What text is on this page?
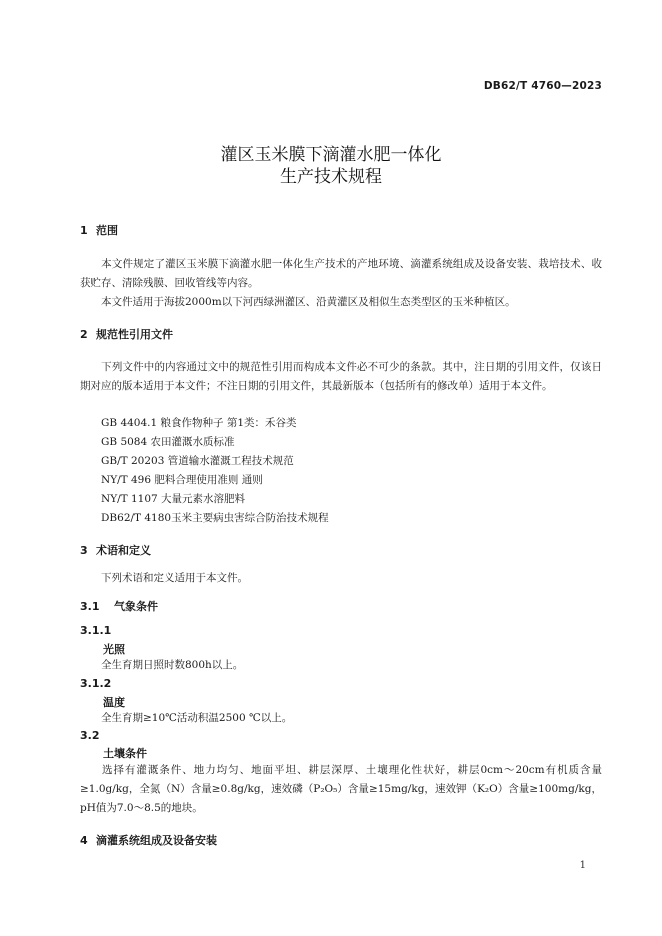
DB62/T 4760—2023
灌区玉米膜下滴灌水肥一体化
生产技术规程
1 范围
本文件规定了灌区玉米膜下滴灌水肥一体化生产技术的产地环境、滴灌系统组成及设备安装、栽培技术、收获贮存、清除残膜、回收管线等内容。
本文件适用于海拔2000m以下河西绿洲灌区、沿黄灌区及相似生态类型区的玉米种植区。
2 规范性引用文件
下列文件中的内容通过文中的规范性引用而构成本文件必不可少的条款。其中，注日期的引用文件，仅该日期对应的版本适用于本文件；不注日期的引用文件，其最新版本（包括所有的修改单）适用于本文件。
GB 4404.1 粮食作物种子 第1类：禾谷类
GB 5084 农田灌溉水质标准
GB/T 20203 管道输水灌溉工程技术规范
NY/T 496 肥料合理使用准则 通则
NY/T 1107 大量元素水溶肥料
DB62/T 4180玉米主要病虫害综合防治技术规程
3 术语和定义
下列术语和定义适用于本文件。
3.1 气象条件
3.1.1
光照
全生育期日照时数800h以上。
3.1.2
温度
全生育期≥10℃活动积温2500 ℃以上。
3.2
土壤条件
选择有灌溉条件、地力均匀、地面平坦、耕层深厚、土壤理化性状好，耕层0cm～20cm有机质含量≥1.0g/kg，全氮（N）含量≥0.8g/kg，速效磷（P₂O₅）含量≥15mg/kg，速效钾（K₂O）含量≥100mg/kg，pH值为7.0～8.5的地块。
4 滴灌系统组成及设备安装
1
